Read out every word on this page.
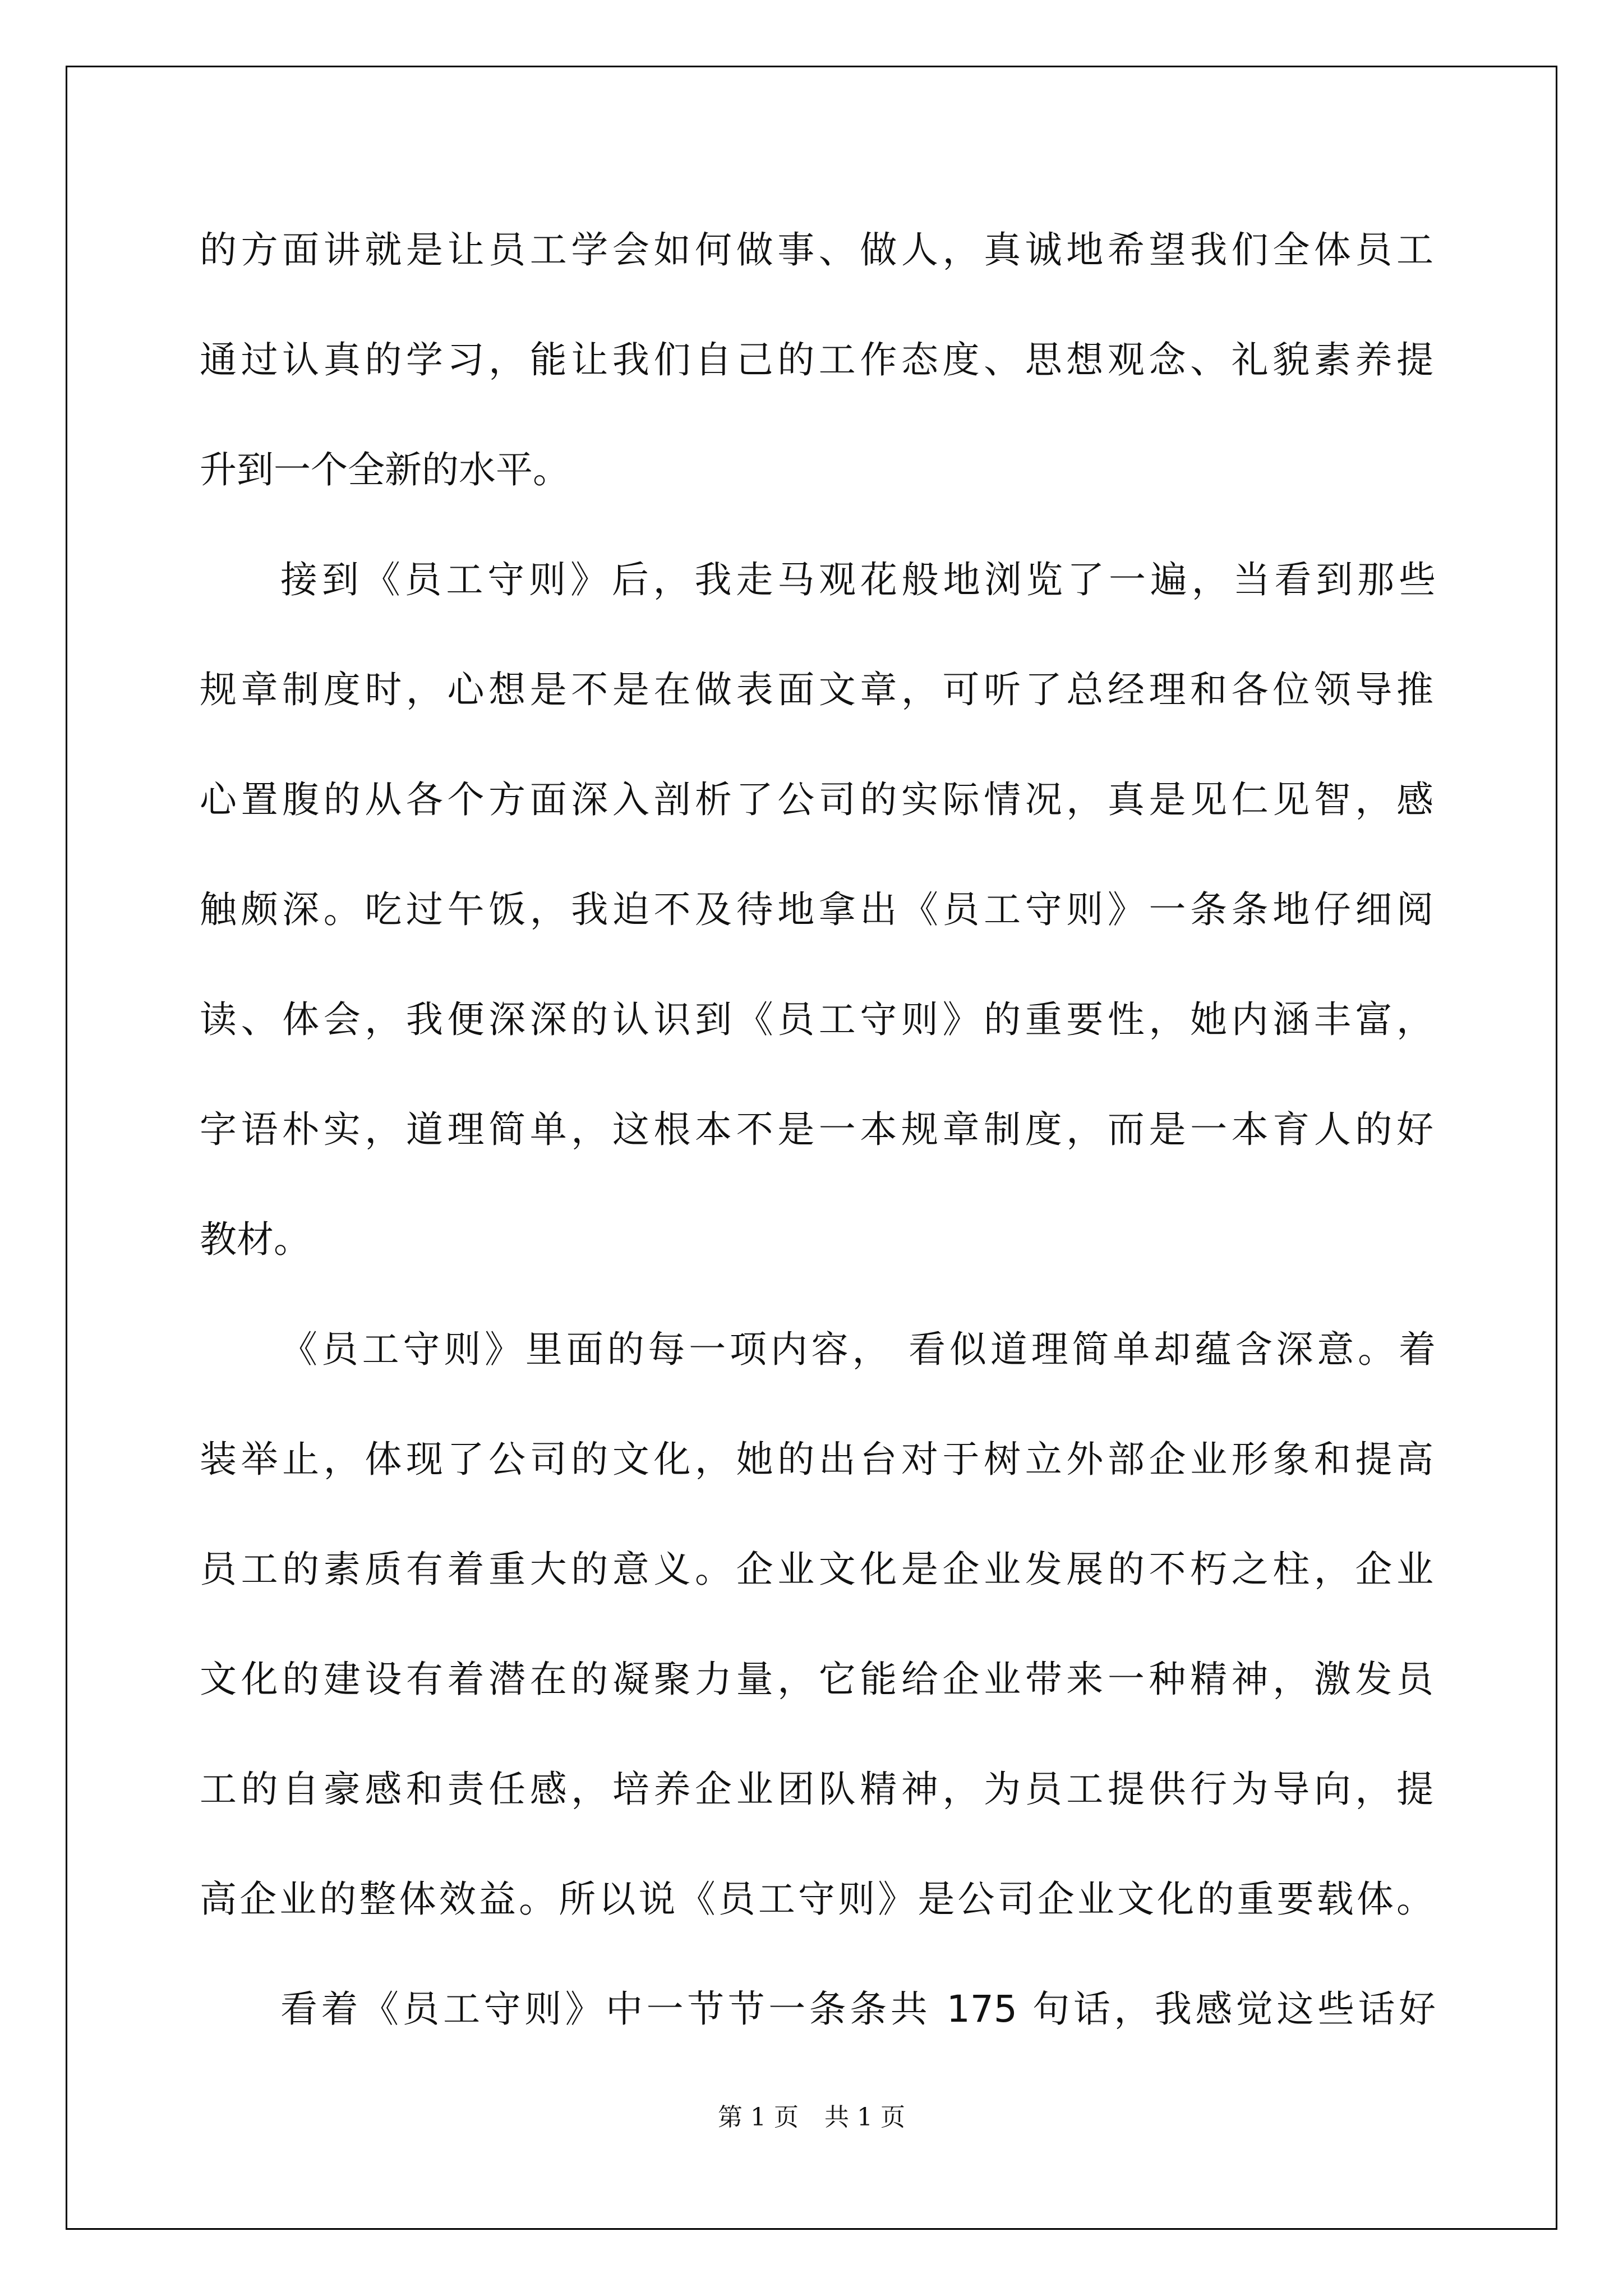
的方面讲就是让员工学会如何做事、做人，真诚地希望我们全体员工
通过认真的学习，能让我们自己的工作态度、思想观念、礼貌素养提
升到一个全新的水平。
接到《员工守则》后，我走马观花般地浏览了一遍，当看到那些
规章制度时，心想是不是在做表面文章，可听了总经理和各位领导推
心置腹的从各个方面深入剖析了公司的实际情况，真是见仁见智，感
触颇深。吃过午饭，我迫不及待地拿出《员工守则》一条条地仔细阅
读、体会，我便深深的认识到《员工守则》的重要性，她内涵丰富，
字语朴实，道理简单，这根本不是一本规章制度，而是一本育人的好
教材。
《员工守则》里面的每一项内容， 看似道理简单却蕴含深意。着
装举止，体现了公司的文化，她的出台对于树立外部企业形象和提高
员工的素质有着重大的意义。企业文化是企业发展的不朽之柱，企业
文化的建设有着潜在的凝聚力量，它能给企业带来一种精神，激发员
工的自豪感和责任感，培养企业团队精神，为员工提供行为导向，提
高企业的整体效益。所以说《员工守则》是公司企业文化的重要载体。
看着《员工守则》中一节节一条条共 175 句话，我感觉这些话好
第 1 页 共 1 页
